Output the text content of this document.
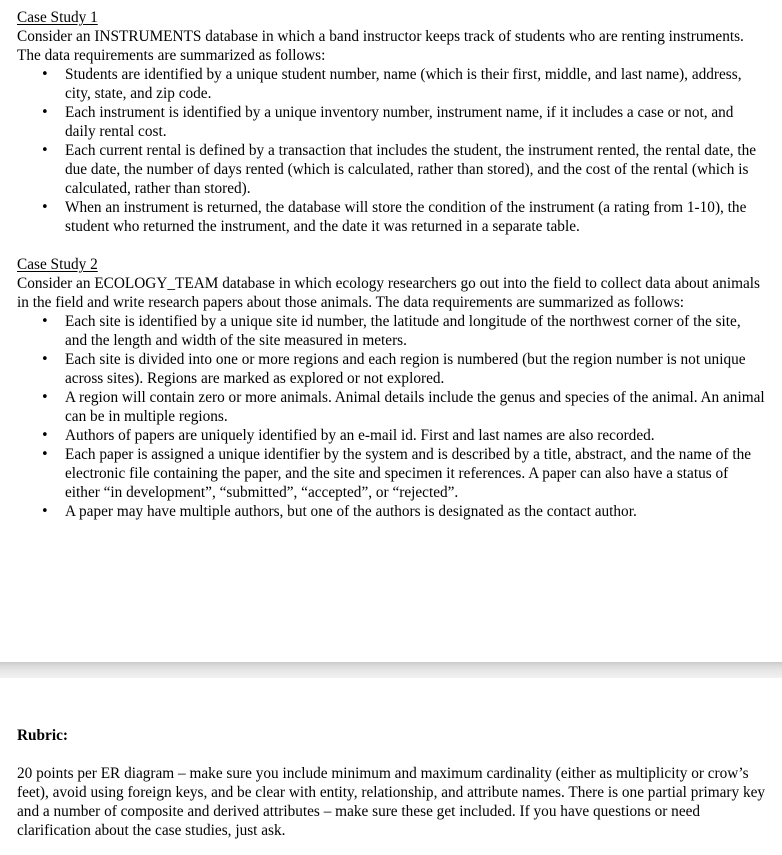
Case Study 1

Consider an INSTRUMENTS database in which a band instructor keeps track of students who are renting instruments. The data requirements are summarized as follows:

• Students are identified by a unique student number, name (which is their first, middle, and last name), address, city, state, and zip code.
• Each instrument is identified by a unique inventory number, instrument name, if it includes a case or not, and daily rental cost.
• Each current rental is defined by a transaction that includes the student, the instrument rented, the rental date, the due date, the number of days rented (which is calculated, rather than stored), and the cost of the rental (which is calculated, rather than stored).
• When an instrument is returned, the database will store the condition of the instrument (a rating from 1-10), the student who returned the instrument, and the date it was returned in a separate table.

Case Study 2

Consider an ECOLOGY_TEAM database in which ecology researchers go out into the field to collect data about animals in the field and write research papers about those animals. The data requirements are summarized as follows:

• Each site is identified by a unique site id number, the latitude and longitude of the northwest corner of the site, and the length and width of the site measured in meters.
• Each site is divided into one or more regions and each region is numbered (but the region number is not unique across sites). Regions are marked as explored or not explored.
• A region will contain zero or more animals. Animal details include the genus and species of the animal. An animal can be in multiple regions.
• Authors of papers are uniquely identified by an e-mail id. First and last names are also recorded.
• Each paper is assigned a unique identifier by the system and is described by a title, abstract, and the name of the electronic file containing the paper, and the site and specimen it references. A paper can also have a status of either “in development”, “submitted”, “accepted”, or “rejected”.
• A paper may have multiple authors, but one of the authors is designated as the contact author.

Rubric:

20 points per ER diagram – make sure you include minimum and maximum cardinality (either as multiplicity or crow’s feet), avoid using foreign keys, and be clear with entity, relationship, and attribute names. There is one partial primary key and a number of composite and derived attributes – make sure these get included. If you have questions or need clarification about the case studies, just ask.
